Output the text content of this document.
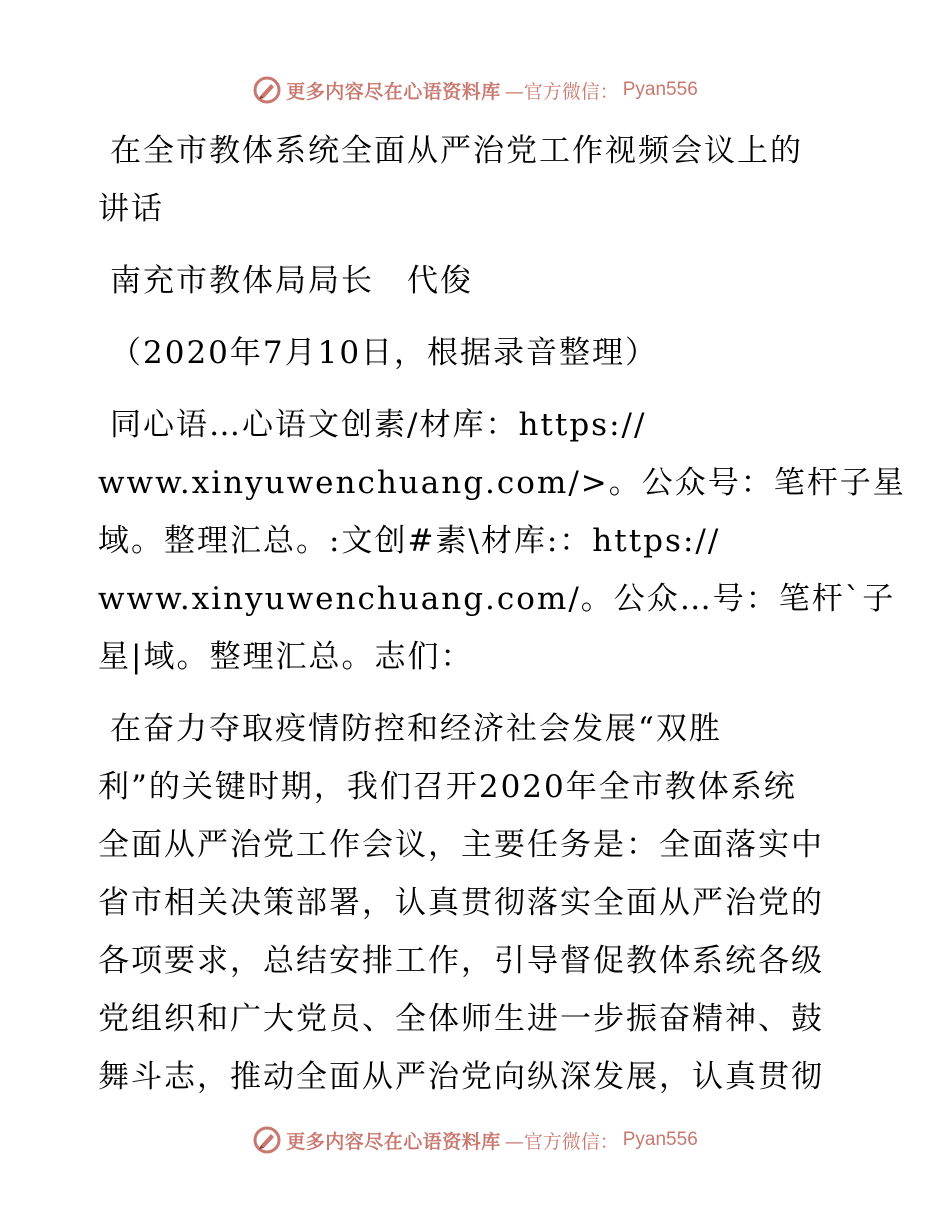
更多内容尽在心语资料库 —官方微信： Pyan556
在全市教体系统全面从严治党工作视频会议上的
讲话
南充市教体局局长　代俊
（2020年7月10日，根据录音整理）
同心语…心语文创素/材库：https://
www.xinyuwenchuang.com/>。公众号：笔杆子星
域。整理汇总。:文创#素\材库:：https://
www.xinyuwenchuang.com/。公众…号：笔杆`子
星|域。整理汇总。志们：
在奋力夺取疫情防控和经济社会发展“双胜
利”的关键时期，我们召开2020年全市教体系统
全面从严治党工作会议，主要任务是：全面落实中
省市相关决策部署，认真贯彻落实全面从严治党的
各项要求，总结安排工作，引导督促教体系统各级
党组织和广大党员、全体师生进一步振奋精神、鼓
舞斗志，推动全面从严治党向纵深发展，认真贯彻
更多内容尽在心语资料库 —官方微信： Pyan556
